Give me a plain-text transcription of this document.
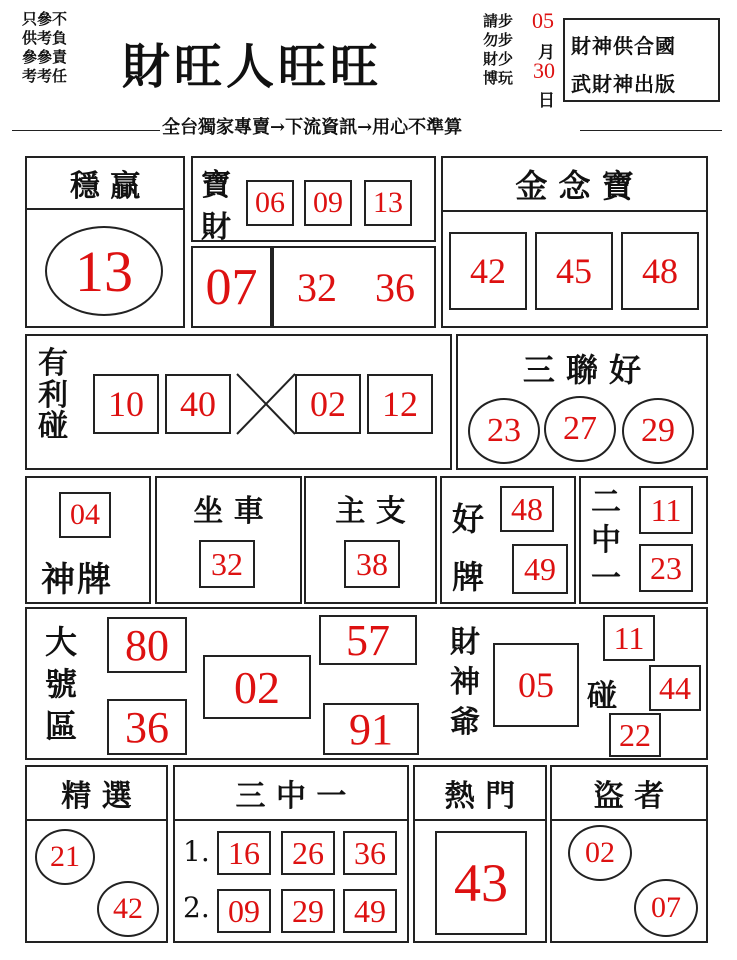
只參不
供考負
參參責
考考任	財旺人旺旺
請步
勿步
財少
博玩
05
月
30
日
財神供合國
武財神出版
全台獨家專賣→下流資訊→用心不準算
穩 贏
13
寶
財
06 09	13
07 32 36
金 念 寶
42	45	48
有
利
碰
10	40	02	12
三 聯 好
23	27	29
04
神牌
坐 車
32
主 支
38
好
牌
48
49
二
中
一
11
23
大
號
區
80
36
02
57
91
財
神
爺
05
11
碰	44
22
精 選
21
42
三 中 一
1. 16	26 36
2. 09	29 49
熱 門
43
盜 者
02
07
